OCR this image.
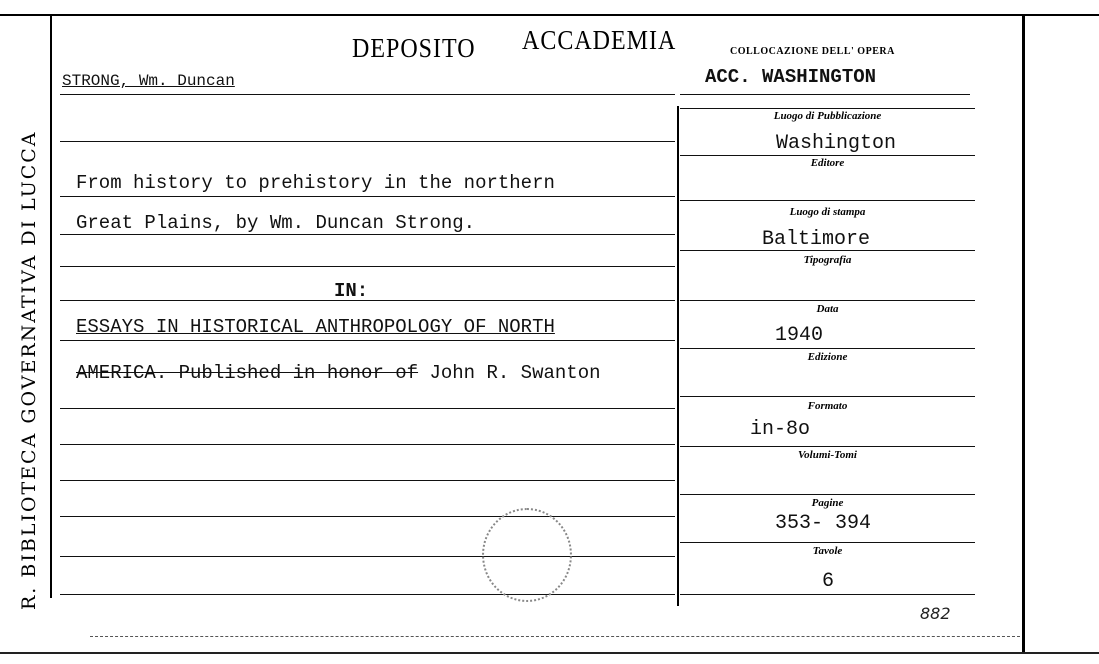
R. BIBLIOTECA GOVERNATIVA DI LUCCA
DEPOSITO ACCADEMIA	COLLOCAZIONE DELL' OPERA
ACC. WASHINGTON
STRONG, Wm. Duncan
From history to prehistory in the northern
Great Plains, by Wm. Duncan Strong.
IN:
ESSAYS IN HISTORICAL ANTHROPOLOGY OF NORTH
AMERICA. Published in honor of John R. Swanton
Luogo di Pubblicazione
Editore
Luogo di stampa
Tipografia
Data
Edizione
Formato
Volumi-Tomi
Pagine
Tavole
Washington
Baltimore
1940
in-8o
353- 394
6
882
